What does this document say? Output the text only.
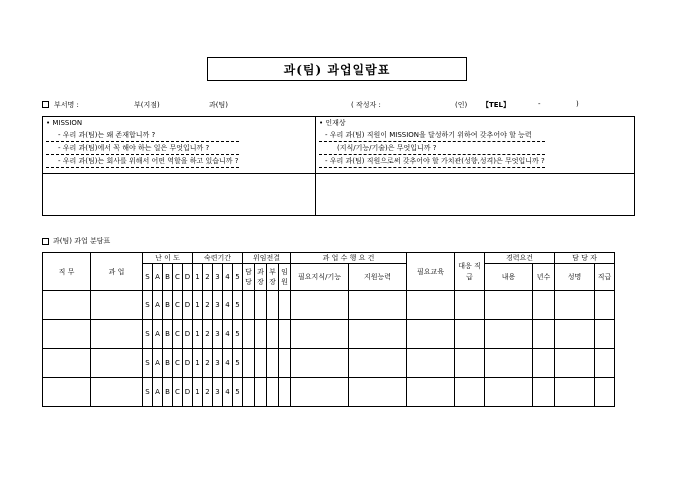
과(팀) 과업일람표
부서명 :	부(지점)	과(팀)	( 작성자 :	(인) 【TEL】	-	)
• MISSION
- 우리 과(팀)는 왜 존재합니까 ?
- 우리 과(팀)에서 꼭 해야 하는 일은 무엇입니까 ?
- 우리 과(팀)는 회사를 위해서 어떤 역할을 하고 있습니까 ?
• 인재상
- 우리 과(팀) 직원이 MISSION을 달성하기 위하여 갖추어야 할 능력
(지식/기능/기술)은 무엇입니까 ?
- 우리 과(팀) 직원으로써 갖추어야 할 가치관(성향,성격)은 무엇입니까 ?
과(팀) 과업 분담표
직 무	과 업	난 이 도					숙련기간					위임전결				과 업 수 행 요 건		필요교육	대응 직급	경력요건		담 당 자	
		S	A	B	C	D	1	2	3	4	5	담당	과장	부장	임원	필요지식/기능	지원능력			내용	년수	성명	직급
		S	A	B	C	D	1	2	3	4	5												
		S	A	B	C	D	1	2	3	4	5												
		S	A	B	C	D	1	2	3	4	5												
		S	A	B	C	D	1	2	3	4	5												
